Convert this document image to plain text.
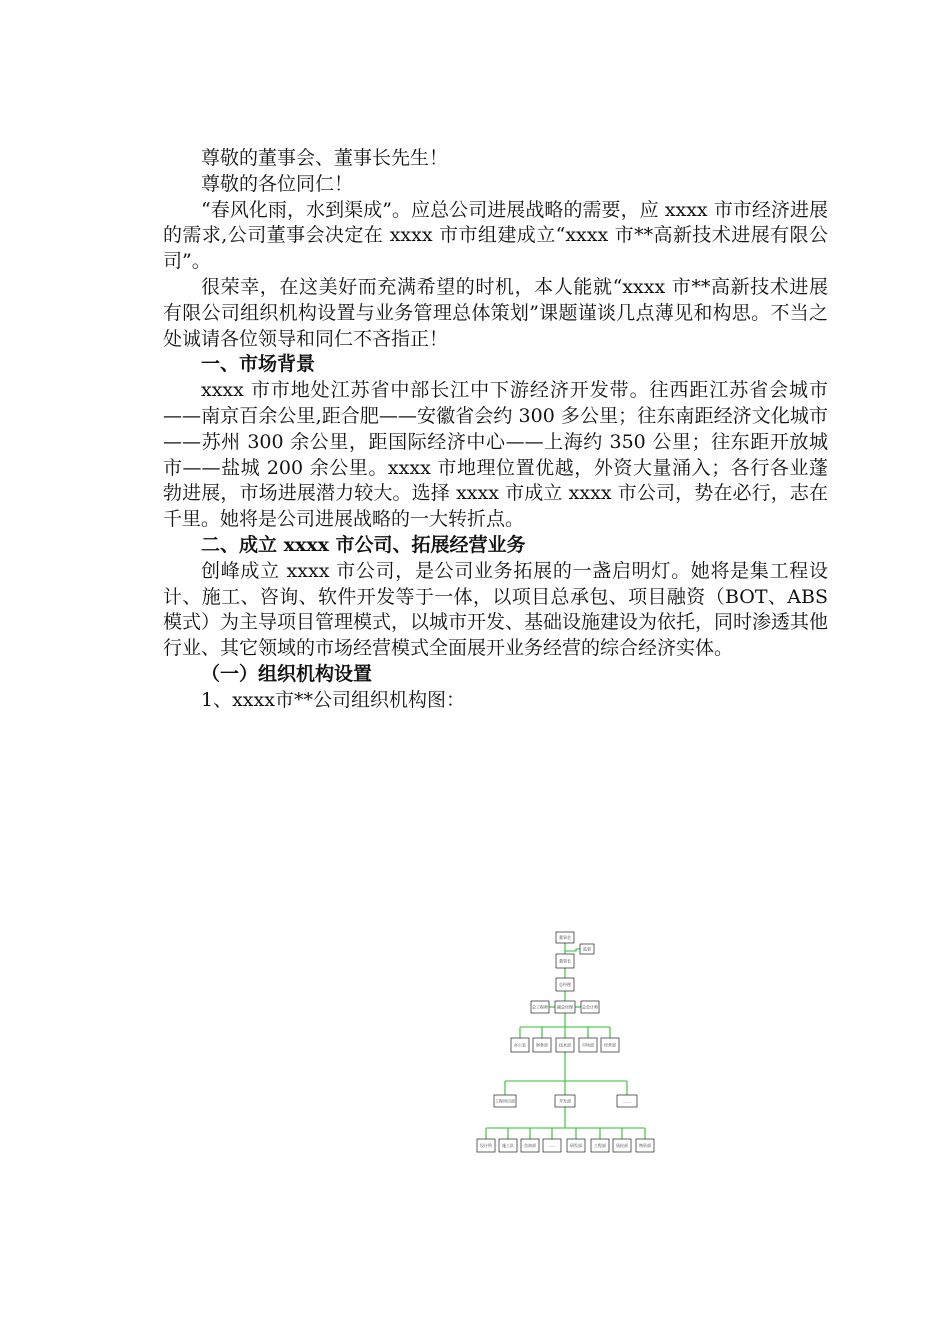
尊敬的董事会、董事长先生！

尊敬的各位同仁！

“春风化雨，水到渠成”。应总公司进展战略的需要，应 xxxx 市市经济进展的需求,公司董事会决定在 xxxx 市市组建成立“xxxx 市**高新技术进展有限公司”。

很荣幸，在这美好而充满希望的时机，本人能就“xxxx 市**高新技术进展有限公司组织机构设置与业务管理总体策划”课题谨谈几点薄见和构思。不当之处诚请各位领导和同仁不吝指正！

一、市场背景

xxxx 市市地处江苏省中部长江中下游经济开发带。往西距江苏省会城市——南京百余公里,距合肥——安徽省会约 300 多公里；往东南距经济文化城市——苏州 300 余公里，距国际经济中心——上海约 350 公里；往东距开放城市——盐城 200 余公里。xxxx 市地理位置优越，外资大量涌入；各行各业蓬勃进展，市场进展潜力较大。选择 xxxx 市成立 xxxx 市公司，势在必行，志在千里。她将是公司进展战略的一大转折点。

二、成立 xxxx 市公司、拓展经营业务

创峰成立 xxxx 市公司，是公司业务拓展的一盏启明灯。她将是集工程设计、施工、咨询、软件开发等于一体，以项目总承包、项目融资（BOT、ABS 模式）为主导项目管理模式，以城市开发、基础设施建设为依托，同时渗透其他行业、其它领域的市场经营模式全面展开业务经营的综合经济实体。

（一）组织机构设置

1、xxxx市**公司组织机构图：

董事会
监事
董事长
总经理
总工程师 副总经理 总会计师
办公室	财务部	技术部	市场部	经营部
工程项目部	开发部	……
设计所	施工队	咨询部	……	研发部	工程部	质检部	物资部
